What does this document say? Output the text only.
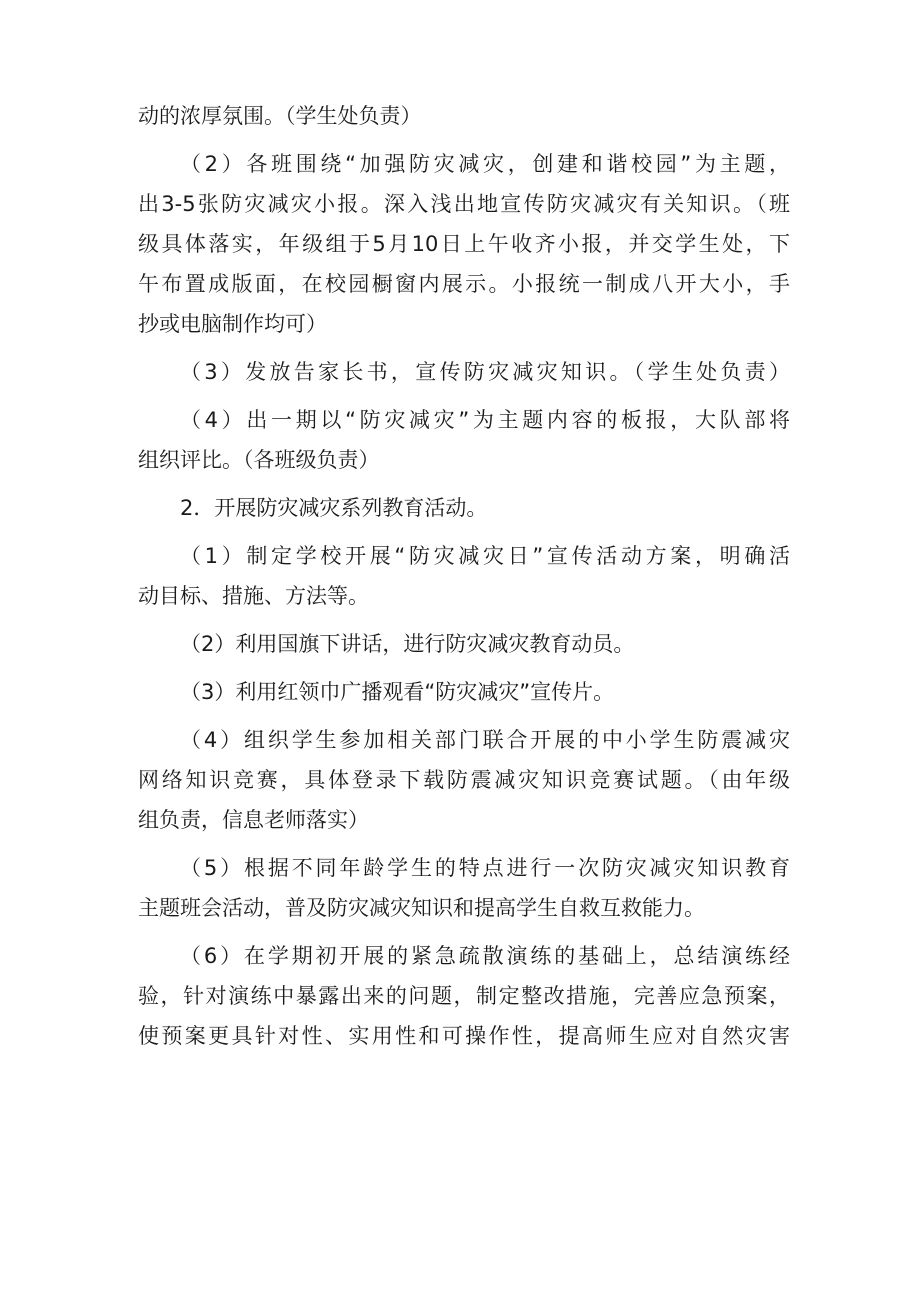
动的浓厚氛围。（学生处负责）
（2）各班围绕“加强防灾减灾，创建和谐校园”为主题，
出3-5张防灾减灾小报。深入浅出地宣传防灾减灾有关知识。（班
级具体落实，年级组于5月10日上午收齐小报，并交学生处，下
午布置成版面，在校园橱窗内展示。小报统一制成八开大小，手
抄或电脑制作均可）
（3）发放告家长书，宣传防灾减灾知识。（学生处负责）
（4）出一期以“防灾减灾”为主题内容的板报，大队部将
组织评比。（各班级负责）
2．开展防灾减灾系列教育活动。
（1）制定学校开展“防灾减灾日”宣传活动方案，明确活
动目标、措施、方法等。
（2）利用国旗下讲话，进行防灾减灾教育动员。
（3）利用红领巾广播观看“防灾减灾”宣传片。
（4）组织学生参加相关部门联合开展的中小学生防震减灾
网络知识竞赛，具体登录下载防震减灾知识竞赛试题。（由年级
组负责，信息老师落实）
（5）根据不同年龄学生的特点进行一次防灾减灾知识教育
主题班会活动，普及防灾减灾知识和提高学生自救互救能力。
（6）在学期初开展的紧急疏散演练的基础上，总结演练经
验，针对演练中暴露出来的问题，制定整改措施，完善应急预案，
使预案更具针对性、实用性和可操作性，提高师生应对自然灾害
